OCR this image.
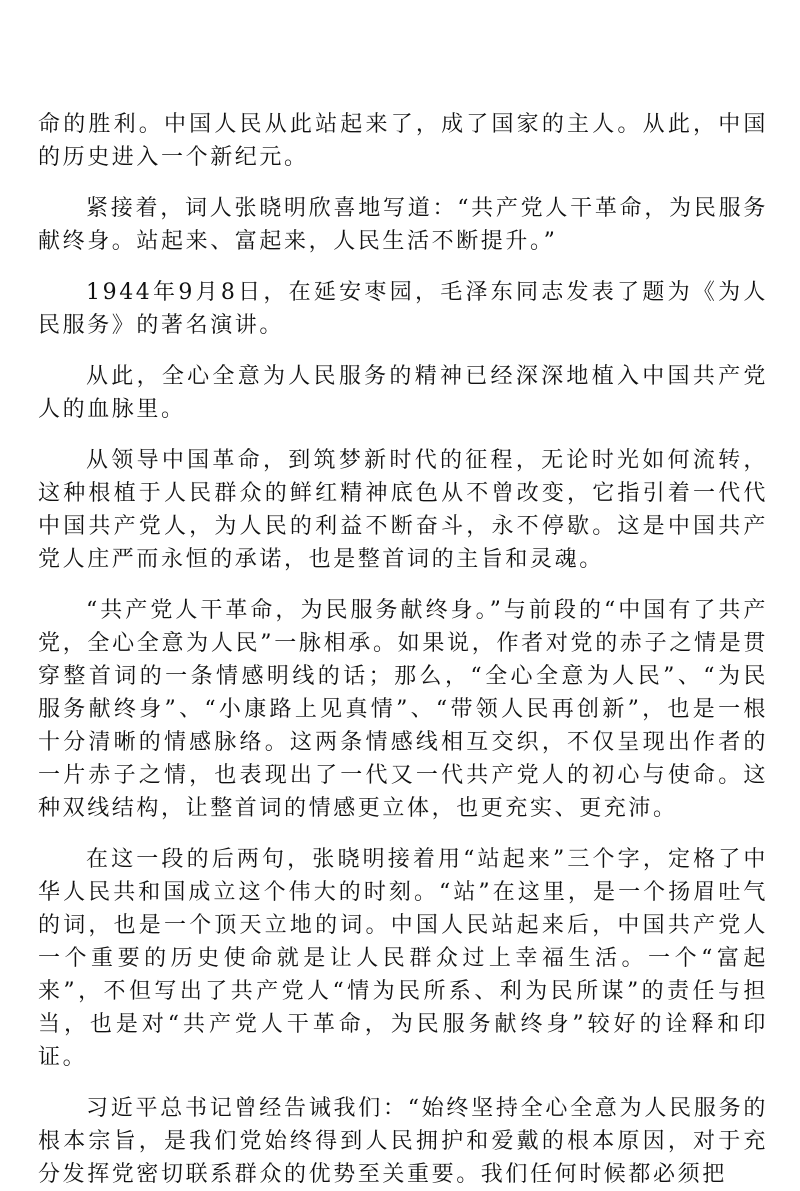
命的胜利。中国人民从此站起来了，成了国家的主人。从此，中国的历史进入一个新纪元。

紧接着，词人张晓明欣喜地写道：“共产党人干革命，为民服务献终身。站起来、富起来，人民生活不断提升。”

1944年9月8日，在延安枣园，毛泽东同志发表了题为《为人民服务》的著名演讲。

从此，全心全意为人民服务的精神已经深深地植入中国共产党人的血脉里。

从领导中国革命，到筑梦新时代的征程，无论时光如何流转，这种根植于人民群众的鲜红精神底色从不曾改变，它指引着一代代中国共产党人，为人民的利益不断奋斗，永不停歇。这是中国共产党人庄严而永恒的承诺，也是整首词的主旨和灵魂。

“共产党人干革命，为民服务献终身。”与前段的“中国有了共产党，全心全意为人民”一脉相承。如果说，作者对党的赤子之情是贯穿整首词的一条情感明线的话；那么，“全心全意为人民”、“为民服务献终身”、“小康路上见真情”、“带领人民再创新”，也是一根十分清晰的情感脉络。这两条情感线相互交织，不仅呈现出作者的一片赤子之情，也表现出了一代又一代共产党人的初心与使命。这种双线结构，让整首词的情感更立体，也更充实、更充沛。

在这一段的后两句，张晓明接着用“站起来”三个字，定格了中华人民共和国成立这个伟大的时刻。“站”在这里，是一个扬眉吐气的词，也是一个顶天立地的词。中国人民站起来后，中国共产党人一个重要的历史使命就是让人民群众过上幸福生活。一个“富起来”，不但写出了共产党人“情为民所系、利为民所谋”的责任与担当，也是对“共产党人干革命，为民服务献终身”较好的诠释和印证。

习近平总书记曾经告诫我们：“始终坚持全心全意为人民服务的根本宗旨，是我们党始终得到人民拥护和爱戴的根本原因，对于充分发挥党密切联系群众的优势至关重要。我们任何时候都必须把
